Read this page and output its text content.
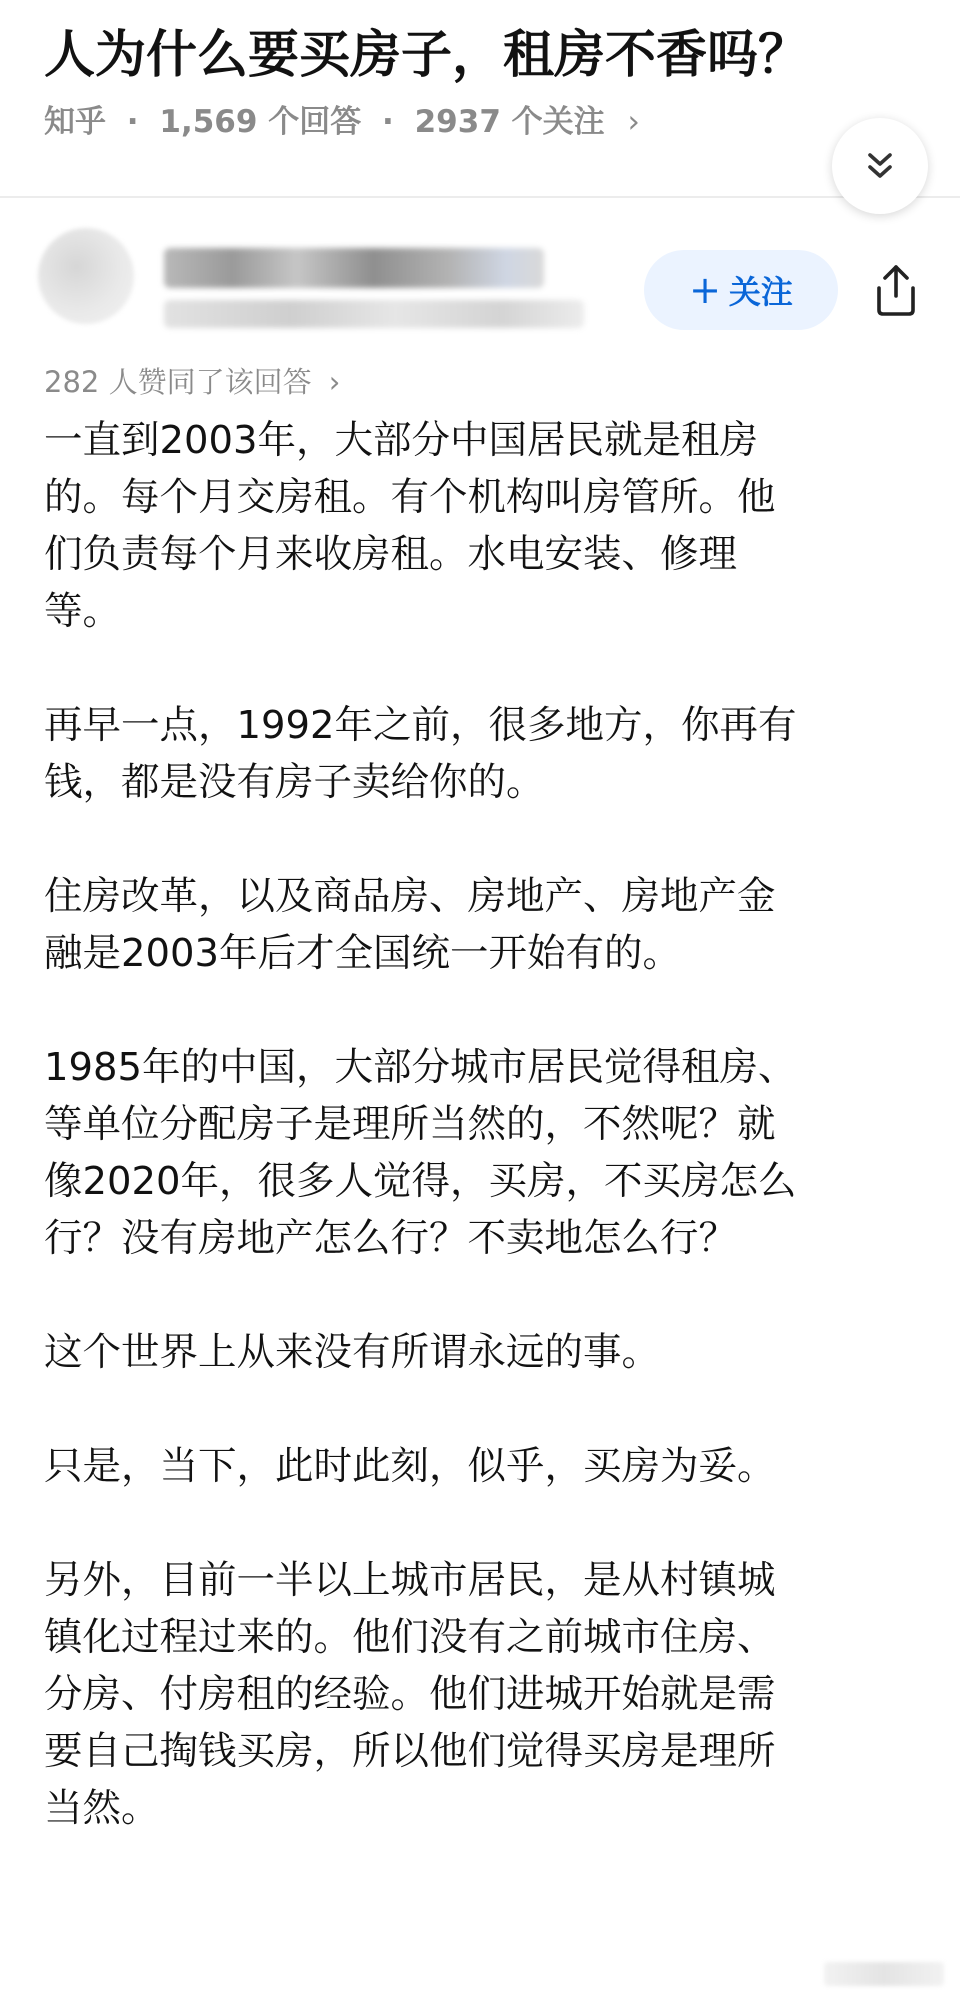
人为什么要买房子，租房不香吗？
知乎 · 1,569 个回答 · 2937 个关注 ›
+ 关注
282 人赞同了该回答 ›
一直到2003年，大部分中国居民就是租房
的。每个月交房租。有个机构叫房管所。他
们负责每个月来收房租。水电安装、修理
等。
再早一点，1992年之前，很多地方，你再有
钱，都是没有房子卖给你的。
住房改革，以及商品房、房地产、房地产金
融是2003年后才全国统一开始有的。
1985年的中国，大部分城市居民觉得租房、
等单位分配房子是理所当然的，不然呢？就
像2020年，很多人觉得，买房，不买房怎么
行？没有房地产怎么行？不卖地怎么行？
这个世界上从来没有所谓永远的事。
只是，当下，此时此刻，似乎，买房为妥。
另外，目前一半以上城市居民，是从村镇城
镇化过程过来的。他们没有之前城市住房、
分房、付房租的经验。他们进城开始就是需
要自己掏钱买房，所以他们觉得买房是理所
当然。
